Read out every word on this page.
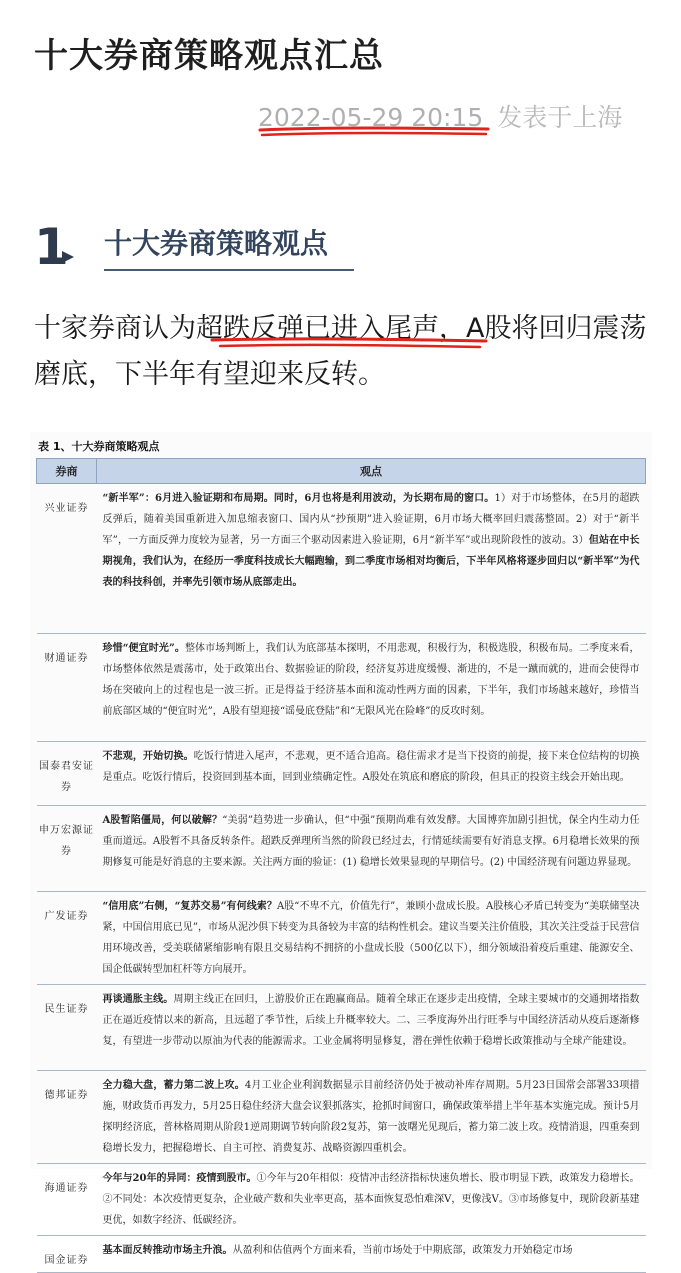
十大券商策略观点汇总
2022-05-29 20:15 发表于上海
1 十大券商策略观点
十家券商认为超跌反弹已进入尾声，A股将回归震荡磨底，下半年有望迎来反转。
表 1、十大券商策略观点
券商	观点
兴业证券	“新半军”：6月进入验证期和布局期。同时，6月也将是利用波动，为长期布局的窗口。1）对于市场整体，在5月的超跌反弹后，随着美国重新进入加息缩表窗口、国内从“抄预期”进入验证期，6月市场大概率回归震荡整固。2）对于“新半军”，一方面反弹力度较为显著，另一方面三个驱动因素进入验证期，6月“新半军”或出现阶段性的波动。3）但站在中长期视角，我们认为，在经历一季度科技成长大幅跑输，到二季度市场相对均衡后，下半年风格将逐步回归以“新半军”为代表的科技科创，并率先引领市场从底部走出。
财通证券	珍惜“便宜时光”。整体市场判断上，我们认为底部基本探明，不用悲观，积极行为，积极选股，积极布局。二季度来看，市场整体依然是震荡市，处于政策出台、数据验证的阶段，经济复苏进度缓慢、渐进的，不是一蹴而就的，进而会使得市场在突破向上的过程也是一波三折。正是得益于经济基本面和流动性两方面的因素，下半年，我们市场越来越好，珍惜当前底部区域的“便宜时光”，A股有望迎接“谣曼底登陆”和“无限风光在险峰”的反攻时刻。
国泰君安证券	不悲观，开始切换。吃饭行情进入尾声，不悲观，更不适合追高。稳住需求才是当下投资的前提，接下来仓位结构的切换是重点。吃饭行情后，投资回到基本面，回到业绩确定性。A股处在筑底和磨底的阶段，但具正的投资主线会开始出现。
申万宏源证券	A股暂陷僵局，何以破解？“美弱”趋势进一步确认，但“中强”预期尚难有效发酵。大国博弈加剧引担忧，保全内生动力任重而道远。A股暂不具备反转条件。超跌反弹理所当然的阶段已经过去，行情延续需要有好消息支撑。6月稳增长效果的预期修复可能是好消息的主要来源。关注两方面的验证：(1) 稳增长效果显现的早期信号。(2) 中国经济现有问题边界显现。
广发证券	“信用底”右侧，“复苏交易”有何线索？A股“不卑不亢，价值先行”，兼顾小盘成长股。A股核心矛盾已转变为“美联储坚决紧，中国信用底已见”，市场从泥沙俱下转变为具备较为丰富的结构性机会。建议当要关注价值股，其次关注受益于民营信用环境改善，受美联储紧缩影响有限且交易结构不拥挤的小盘成长股（500亿以下），细分领域沿着疫后重建、能源安全、国企低碳转型加杠杆等方向展开。
民生证券	再谈通胀主线。周期主线正在回归，上游股价正在跑赢商品。随着全球正在逐步走出疫情，全球主要城市的交通拥堵指数正在逼近疫情以来的新高，且远超了季节性，后续上升概率较大。二、三季度海外出行旺季与中国经济活动从疫后逐渐修复，有望进一步带动以原油为代表的能源需求。工业金属将明显修复，潜在弹性依赖于稳增长政策推动与全球产能建设。
德邦证券	全力稳大盘，蓄力第二波上攻。4月工业企业利润数据显示目前经济仍处于被动补库存周期。5月23日国常会部署33项措施，财政货币再发力，5月25日稳住经济大盘会议狠抓落实，抢抓时间窗口，确保政策举措上半年基本实施完成。预计5月探明经济底，普林格周期从阶段1逆周期调节转向阶段2复苏，第一波曙光见现后，蓄力第二波上攻。疫情消退，四重奏到稳增长发力，把握稳增长、自主可控、消费复苏、战略资源四重机会。
海通证券	今年与20年的异同：疫情到股市。①今年与20年相似：疫情冲击经济指标快速负增长、股市明显下跌，政策发力稳增长。②不同处：本次疫情更复杂，企业破产数和失业率更高，基本面恢复恐怕难深V，更像浅V。③市场修复中，现阶段新基建更优，如数字经济、低碳经济。
国金证券	基本面反转推动市场主升浪。从盈利和估值两个方面来看，当前市场处于中期底部，政策发力开始稳定市场
